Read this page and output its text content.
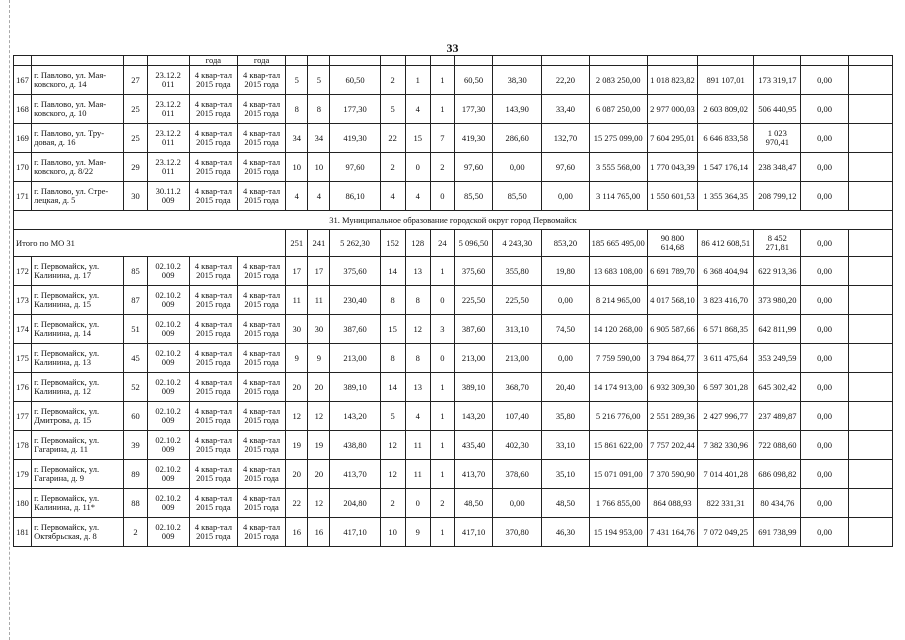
33
				года	года															
167	г. Павлово, ул. Мая-ковского, д. 14	27	23.12.2 011	4 квар-тал 2015 года	4 квар-тал 2015 года	5	5	60,50	2	1	1	60,50	38,30	22,20	2 083 250,00	1 018 823,82	891 107,01	173 319,17	0,00	
168	г. Павлово, ул. Мая-ковского, д. 10	25	23.12.2 011	4 квар-тал 2015 года	4 квар-тал 2015 года	8	8	177,30	5	4	1	177,30	143,90	33,40	6 087 250,00	2 977 000,03	2 603 809,02	506 440,95	0,00	
169	г. Павлово, ул. Тру-довая, д. 16	25	23.12.2 011	4 квар-тал 2015 года	4 квар-тал 2015 года	34	34	419,30	22	15	7	419,30	286,60	132,70	15 275 099,00	7 604 295,01	6 646 833,58	1 023 970,41	0,00	
170	г. Павлово, ул. Мая-ковского, д. 8/22	29	23.12.2 011	4 квар-тал 2015 года	4 квар-тал 2015 года	10	10	97,60	2	0	2	97,60	0,00	97,60	3 555 568,00	1 770 043,39	1 547 176,14	238 348,47	0,00	
171	г. Павлово, ул. Стре-лецкая, д. 5	30	30.11.2 009	4 квар-тал 2015 года	4 квар-тал 2015 года	4	4	86,10	4	4	0	85,50	85,50	0,00	3 114 765,00	1 550 601,53	1 355 364,35	208 799,12	0,00	
31. Муниципальное образование городской округ город Первомайск																				
Итого по МО 31						251	241	5 262,30	152	128	24	5 096,50	4 243,30	853,20	185 665 495,00	90 800 614,68	86 412 608,51	8 452 271,81	0,00	
172	г. Первомайск, ул. Калинина, д. 17	85	02.10.2 009	4 квар-тал 2015 года	4 квар-тал 2015 года	17	17	375,60	14	13	1	375,60	355,80	19,80	13 683 108,00	6 691 789,70	6 368 404,94	622 913,36	0,00	
173	г. Первомайск, ул. Калинина, д. 15	87	02.10.2 009	4 квар-тал 2015 года	4 квар-тал 2015 года	11	11	230,40	8	8	0	225,50	225,50	0,00	8 214 965,00	4 017 568,10	3 823 416,70	373 980,20	0,00	
174	г. Первомайск, ул. Калинина, д. 14	51	02.10.2 009	4 квар-тал 2015 года	4 квар-тал 2015 года	30	30	387,60	15	12	3	387,60	313,10	74,50	14 120 268,00	6 905 587,66	6 571 868,35	642 811,99	0,00	
175	г. Первомайск, ул. Калинина, д. 13	45	02.10.2 009	4 квар-тал 2015 года	4 квар-тал 2015 года	9	9	213,00	8	8	0	213,00	213,00	0,00	7 759 590,00	3 794 864,77	3 611 475,64	353 249,59	0,00	
176	г. Первомайск, ул. Калинина, д. 12	52	02.10.2 009	4 квар-тал 2015 года	4 квар-тал 2015 года	20	20	389,10	14	13	1	389,10	368,70	20,40	14 174 913,00	6 932 309,30	6 597 301,28	645 302,42	0,00	
177	г. Первомайск, ул. Дмитрова, д. 15	60	02.10.2 009	4 квар-тал 2015 года	4 квар-тал 2015 года	12	12	143,20	5	4	1	143,20	107,40	35,80	5 216 776,00	2 551 289,36	2 427 996,77	237 489,87	0,00	
178	г. Первомайск, ул. Гагарина, д. 11	39	02.10.2 009	4 квар-тал 2015 года	4 квар-тал 2015 года	19	19	438,80	12	11	1	435,40	402,30	33,10	15 861 622,00	7 757 202,44	7 382 330,96	722 088,60	0,00	
179	г. Первомайск, ул. Гагарина, д. 9	89	02.10.2 009	4 квар-тал 2015 года	4 квар-тал 2015 года	20	20	413,70	12	11	1	413,70	378,60	35,10	15 071 091,00	7 370 590,90	7 014 401,28	686 098,82	0,00	
180	г. Первомайск, ул. Калинина, д. 11*	88	02.10.2 009	4 квар-тал 2015 года	4 квар-тал 2015 года	22	12	204,80	2	0	2	48,50	0,00	48,50	1 766 855,00	864 088,93	822 331,31	80 434,76	0,00	
181	г. Первомайск, ул. Октябрьская, д. 8	2	02.10.2 009	4 квар-тал 2015 года	4 квар-тал 2015 года	16	16	417,10	10	9	1	417,10	370,80	46,30	15 194 953,00	7 431 164,76	7 072 049,25	691 738,99	0,00	
